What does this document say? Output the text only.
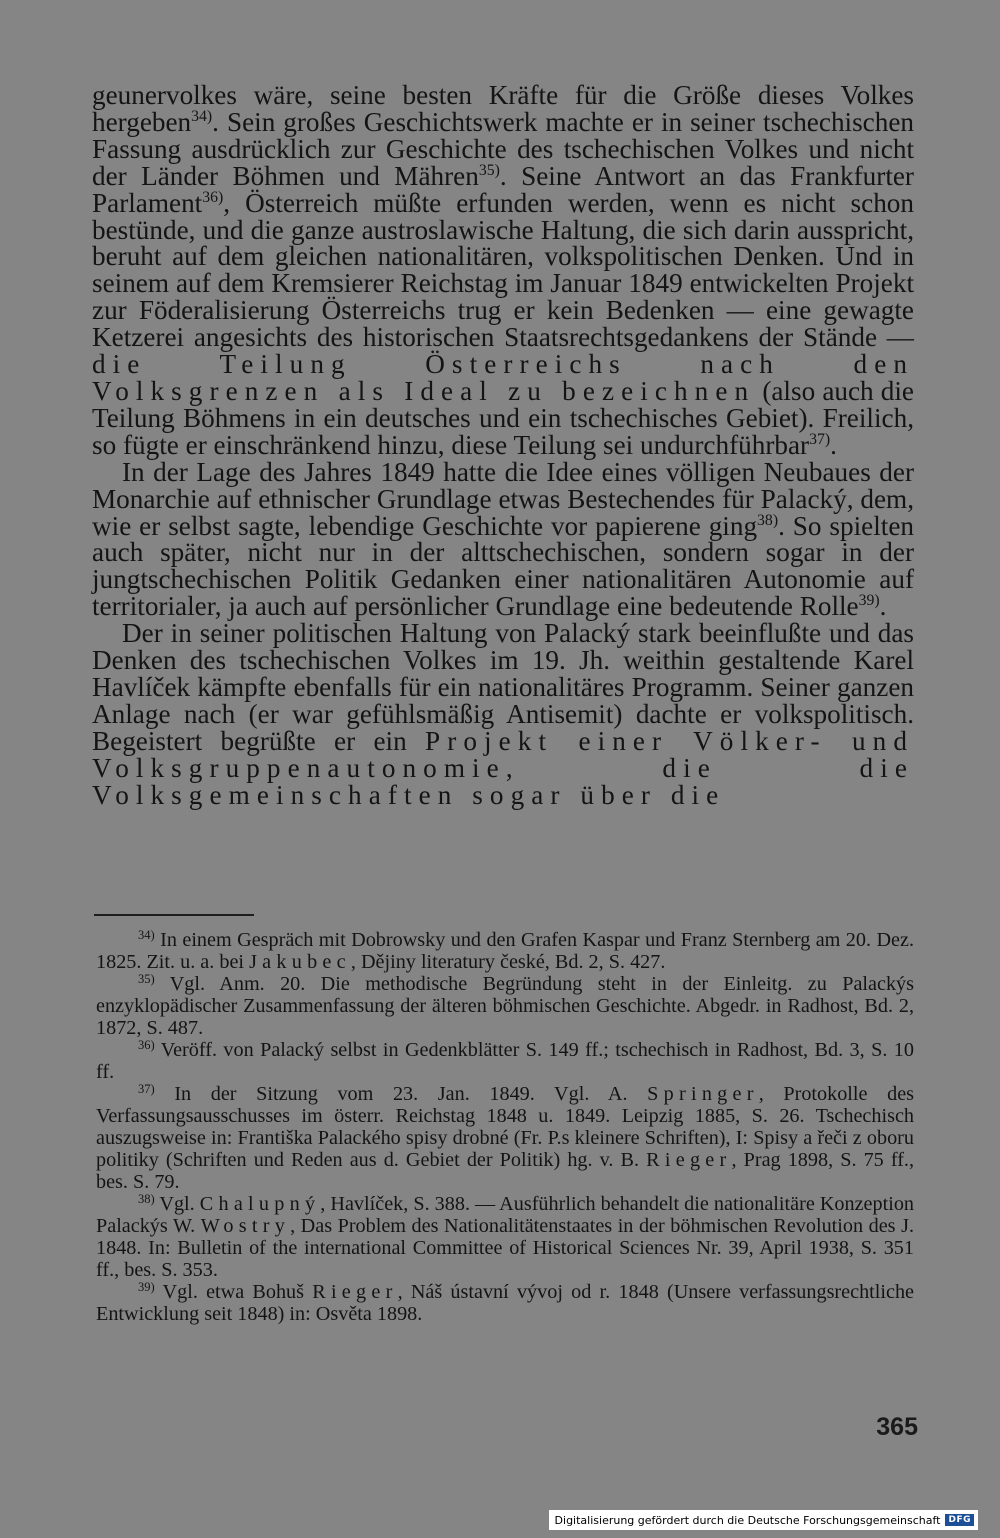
geunervolkes wäre, seine besten Kräfte für die Größe dieses Volkes hergeben$^{34)}$. Sein großes Geschichtswerk machte er in seiner tschechischen Fassung ausdrücklich zur Geschichte des tschechischen Volkes und nicht der Länder Böhmen und Mähren$^{35)}$. Seine Antwort an das Frankfurter Parlament$^{36)}$, Österreich müßte erfunden werden, wenn es nicht schon bestünde, und die ganze austroslawische Haltung, die sich darin ausspricht, beruht auf dem gleichen nationalitären, volkspolitischen Denken. Und in seinem auf dem Kremsierer Reichstag im Januar 1849 entwickelten Projekt zur Föderalisierung Österreichs trug er kein Bedenken — eine gewagte Ketzerei angesichts des historischen Staatsrechtsgedankens der Stände — die Teilung Österreichs nach den Volksgrenzen als Ideal zu bezeichnen (also auch die Teilung Böhmens in ein deutsches und ein tschechisches Gebiet). Freilich, so fügte er einschränkend hinzu, diese Teilung sei undurchführbar$^{37)}$.

In der Lage des Jahres 1849 hatte die Idee eines völligen Neubaues der Monarchie auf ethnischer Grundlage etwas Bestechendes für Palacký, dem, wie er selbst sagte, lebendige Geschichte vor papierene ging$^{38)}$. So spielten auch später, nicht nur in der alttschechischen, sondern sogar in der jungtschechischen Politik Gedanken einer nationalitären Autonomie auf territorialer, ja auch auf persönlicher Grundlage eine bedeutende Rolle$^{39)}$.

Der in seiner politischen Haltung von Palacký stark beeinflußte und das Denken des tschechischen Volkes im 19. Jh. weithin gestaltende Karel Havlíček kämpfte ebenfalls für ein nationalitäres Programm. Seiner ganzen Anlage nach (er war gefühlsmäßig Antisemit) dachte er volkspolitisch. Begeistert begrüßte er ein Projekt einer Völker- und Volksgruppenautonomie, die die Volksgemeinschaften sogar über die

$^{34)}$ In einem Gespräch mit Dobrowsky und den Grafen Kaspar und Franz Sternberg am 20. Dez. 1825. Zit. u. a. bei Jakubec, Dějiny literatury české, Bd. 2, S. 427.

$^{35)}$ Vgl. Anm. 20. Die methodische Begründung steht in der Einleitg. zu Palackýs enzyklopädischer Zusammenfassung der älteren böhmischen Geschichte. Abgedr. in Radhost, Bd. 2, 1872, S. 487.

$^{36)}$ Veröff. von Palacký selbst in Gedenkblätter S. 149 ff.; tschechisch in Radhost, Bd. 3, S. 10 ff.

$^{37)}$ In der Sitzung vom 23. Jan. 1849. Vgl. A. Springer, Protokolle des Verfassungsausschusses im österr. Reichstag 1848 u. 1849. Leipzig 1885, S. 26. Tschechisch auszugsweise in: Františka Palackého spisy drobné (Fr. P.s kleinere Schriften), I: Spisy a řeči z oboru politiky (Schriften und Reden aus d. Gebiet der Politik) hg. v. B. Rieger, Prag 1898, S. 75 ff., bes. S. 79.

$^{38)}$ Vgl. Chalupný, Havlíček, S. 388. — Ausführlich behandelt die nationalitäre Konzeption Palackýs W. Wostry, Das Problem des Nationalitätenstaates in der böhmischen Revolution des J. 1848. In: Bulletin of the international Committee of Historical Sciences Nr. 39, April 1938, S. 351 ff., bes. S. 353.

$^{39)}$ Vgl. etwa Bohuš Rieger, Náš ústavní vývoj od r. 1848 (Unsere verfassungsrechtliche Entwicklung seit 1848) in: Osvěta 1898.

365
Digitalisierung gefördert durch die Deutsche Forschungsgemeinschaft DFG
